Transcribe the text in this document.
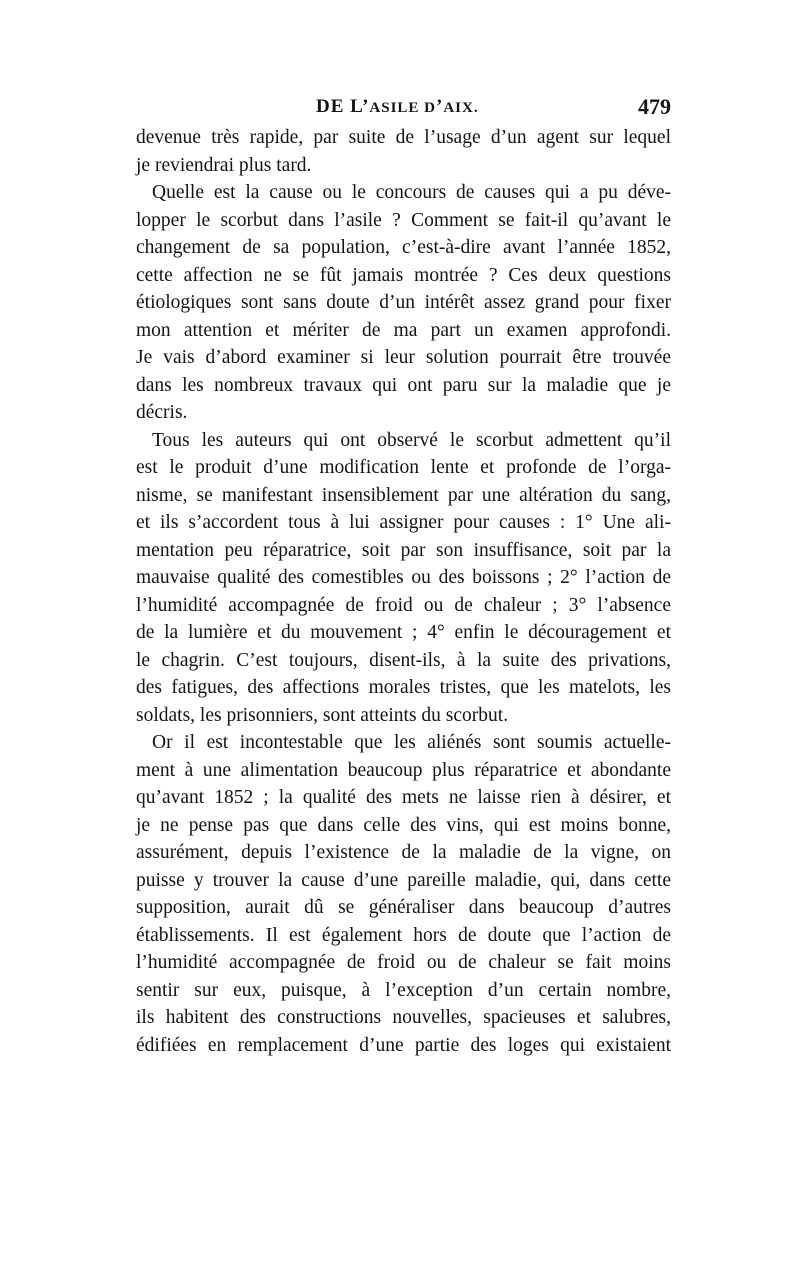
DE L’ASILE D’AIX.	479
devenue très rapide, par suite de l’usage d’un agent sur lequel
je reviendrai plus tard.
Quelle est la cause ou le concours de causes qui a pu déve-
lopper le scorbut dans l’asile ? Comment se fait-il qu’avant le
changement de sa population, c’est-à-dire avant l’année 1852,
cette affection ne se fût jamais montrée ? Ces deux questions
étiologiques sont sans doute d’un intérêt assez grand pour fixer
mon attention et mériter de ma part un examen approfondi.
Je vais d’abord examiner si leur solution pourrait être trouvée
dans les nombreux travaux qui ont paru sur la maladie que je
décris.
Tous les auteurs qui ont observé le scorbut admettent qu’il
est le produit d’une modification lente et profonde de l’orga-
nisme, se manifestant insensiblement par une altération du sang,
et ils s’accordent tous à lui assigner pour causes : 1° Une ali-
mentation peu réparatrice, soit par son insuffisance, soit par la
mauvaise qualité des comestibles ou des boissons ; 2° l’action de
l’humidité accompagnée de froid ou de chaleur ; 3° l’absence
de la lumière et du mouvement ; 4° enfin le découragement et
le chagrin. C’est toujours, disent-ils, à la suite des privations,
des fatigues, des affections morales tristes, que les matelots, les
soldats, les prisonniers, sont atteints du scorbut.
Or il est incontestable que les aliénés sont soumis actuelle-
ment à une alimentation beaucoup plus réparatrice et abondante
qu’avant 1852 ; la qualité des mets ne laisse rien à désirer, et
je ne pense pas que dans celle des vins, qui est moins bonne,
assurément, depuis l’existence de la maladie de la vigne, on
puisse y trouver la cause d’une pareille maladie, qui, dans cette
supposition, aurait dû se généraliser dans beaucoup d’autres
établissements. Il est également hors de doute que l’action de
l’humidité accompagnée de froid ou de chaleur se fait moins
sentir sur eux, puisque, à l’exception d’un certain nombre,
ils habitent des constructions nouvelles, spacieuses et salubres,
édifiées en remplacement d’une partie des loges qui existaient
